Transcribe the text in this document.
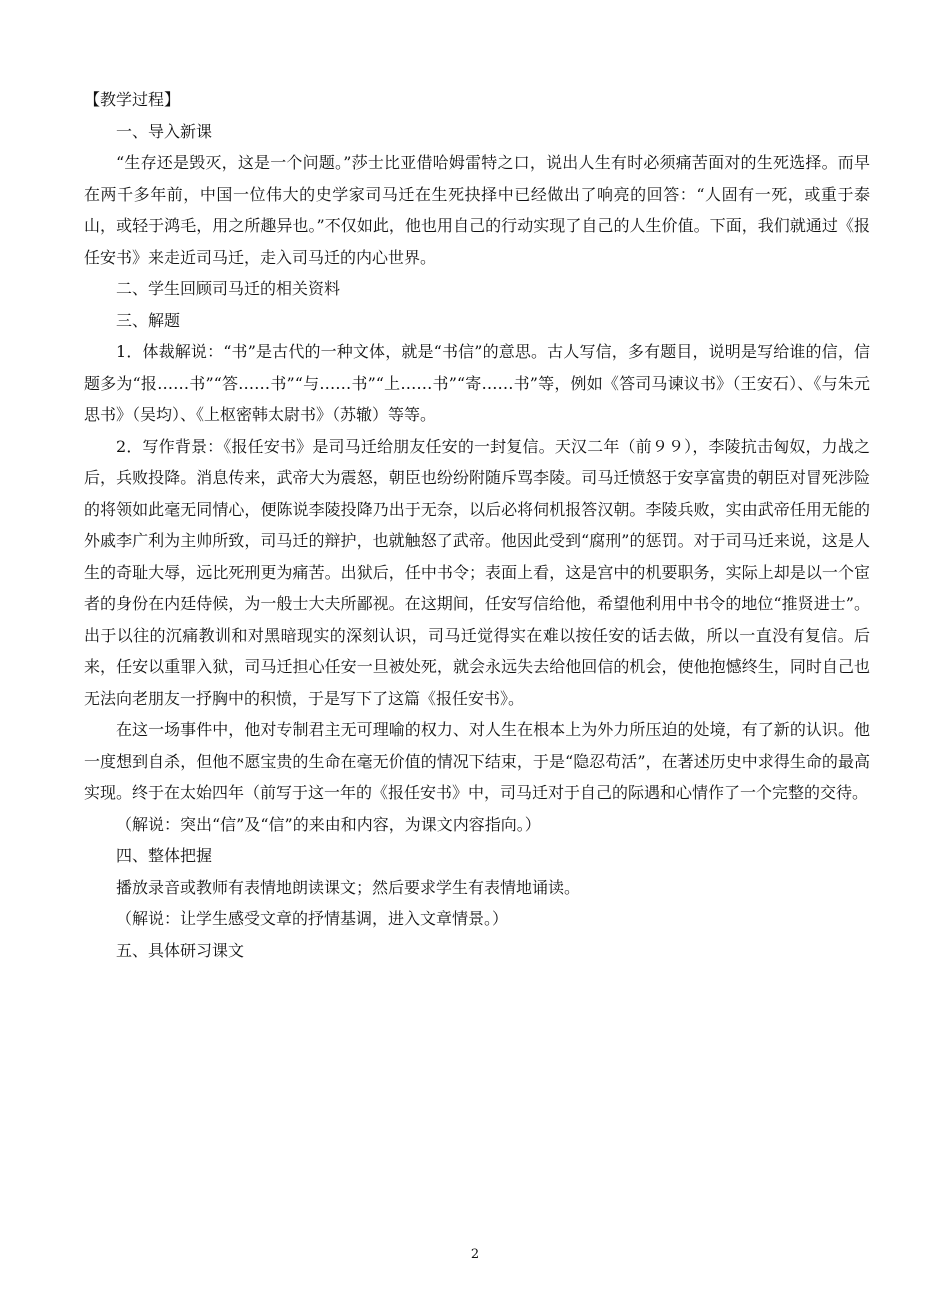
【教学过程】
一、导入新课

“生存还是毁灭，这是一个问题。”莎士比亚借哈姆雷特之口，说出人生有时必须痛苦面对的生死选择。而早在两千多年前，中国一位伟大的史学家司马迁在生死抉择中已经做出了响亮的回答：“人固有一死，或重于泰山，或轻于鸿毛，用之所趣异也。”不仅如此，他也用自己的行动实现了自己的人生价值。下面，我们就通过《报任安书》来走近司马迁，走入司马迁的内心世界。

二、学生回顾司马迁的相关资料
三、解题

1．体裁解说：“书”是古代的一种文体，就是“书信”的意思。古人写信，多有题目，说明是写给谁的信，信题多为“报……书”“答……书”“与……书”“上……书”“寄……书”等，例如《答司马谏议书》（王安石）、《与朱元思书》（吴均）、《上枢密韩太尉书》（苏辙）等等。

2．写作背景：《报任安书》是司马迁给朋友任安的一封复信。天汉二年（前９９），李陵抗击匈奴，力战之后，兵败投降。消息传来，武帝大为震怒，朝臣也纷纷附随斥骂李陵。司马迁愤怒于安享富贵的朝臣对冒死涉险的将领如此毫无同情心，便陈说李陵投降乃出于无奈，以后必将伺机报答汉朝。李陵兵败，实由武帝任用无能的外戚李广利为主帅所致，司马迁的辩护，也就触怒了武帝。他因此受到“腐刑”的惩罚。对于司马迁来说，这是人生的奇耻大辱，远比死刑更为痛苦。出狱后，任中书令；表面上看，这是宫中的机要职务，实际上却是以一个宦者的身份在内廷侍候，为一般士大夫所鄙视。在这期间，任安写信给他，希望他利用中书令的地位“推贤进士”。出于以往的沉痛教训和对黑暗现实的深刻认识，司马迁觉得实在难以按任安的话去做，所以一直没有复信。后来，任安以重罪入狱，司马迁担心任安一旦被处死，就会永远失去给他回信的机会，使他抱憾终生，同时自己也无法向老朋友一抒胸中的积愤，于是写下了这篇《报任安书》。

在这一场事件中，他对专制君主无可理喻的权力、对人生在根本上为外力所压迫的处境，有了新的认识。他一度想到自杀，但他不愿宝贵的生命在毫无价值的情况下结束，于是“隐忍苟活”，在著述历史中求得生命的最高实现。终于在太始四年（前写于这一年的《报任安书》中，司马迁对于自己的际遇和心情作了一个完整的交待。

（解说：突出“信”及“信”的来由和内容，为课文内容指向。）
四、整体把握
播放录音或教师有表情地朗读课文；然后要求学生有表情地诵读。
（解说：让学生感受文章的抒情基调，进入文章情景。）
五、具体研习课文
2
